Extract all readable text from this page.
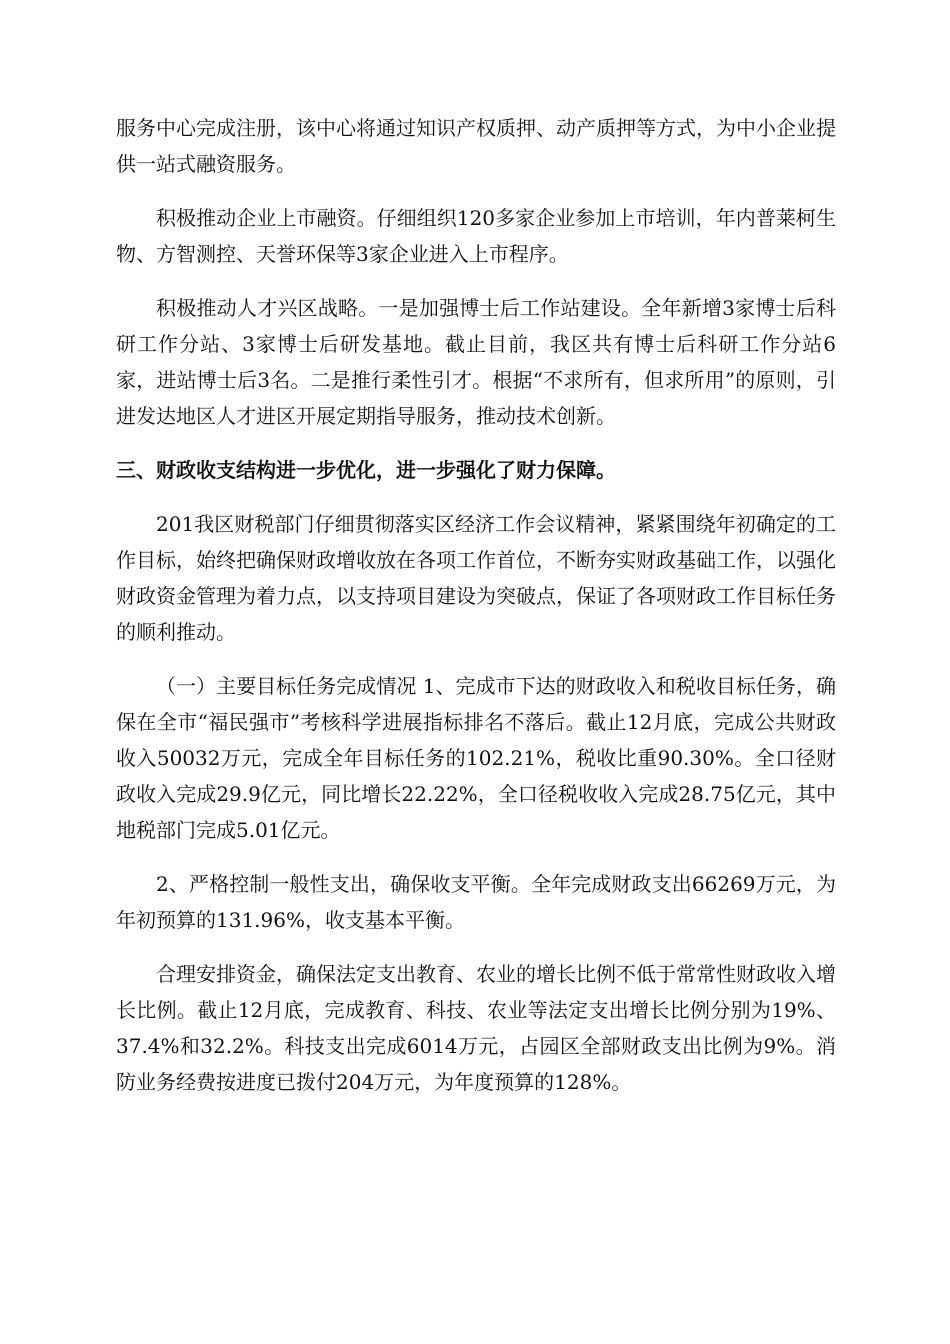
服务中心完成注册，该中心将通过知识产权质押、动产质押等方式，为中小企业提供一站式融资服务。

积极推动企业上市融资。仔细组织120多家企业参加上市培训，年内普莱柯生物、方智测控、天誉环保等3家企业进入上市程序。

积极推动人才兴区战略。一是加强博士后工作站建设。全年新增3家博士后科研工作分站、3家博士后研发基地。截止目前，我区共有博士后科研工作分站6家，进站博士后3名。二是推行柔性引才。根据“不求所有，但求所用”的原则，引进发达地区人才进区开展定期指导服务，推动技术创新。

三、财政收支结构进一步优化，进一步强化了财力保障。

201我区财税部门仔细贯彻落实区经济工作会议精神，紧紧围绕年初确定的工作目标，始终把确保财政增收放在各项工作首位，不断夯实财政基础工作，以强化财政资金管理为着力点，以支持项目建设为突破点，保证了各项财政工作目标任务的顺利推动。

（一）主要目标任务完成情况 1、完成市下达的财政收入和税收目标任务，确保在全市“福民强市”考核科学进展指标排名不落后。截止12月底，完成公共财政收入50032万元，完成全年目标任务的102.21%，税收比重90.30%。全口径财政收入完成29.9亿元，同比增长22.22%，全口径税收收入完成28.75亿元，其中地税部门完成5.01亿元。

2、严格控制一般性支出，确保收支平衡。全年完成财政支出66269万元，为年初预算的131.96%，收支基本平衡。

合理安排资金，确保法定支出教育、农业的增长比例不低于常常性财政收入增长比例。截止12月底，完成教育、科技、农业等法定支出增长比例分别为19%、37.4%和32.2%。科技支出完成6014万元，占园区全部财政支出比例为9%。消防业务经费按进度已拨付204万元，为年度预算的128%。
